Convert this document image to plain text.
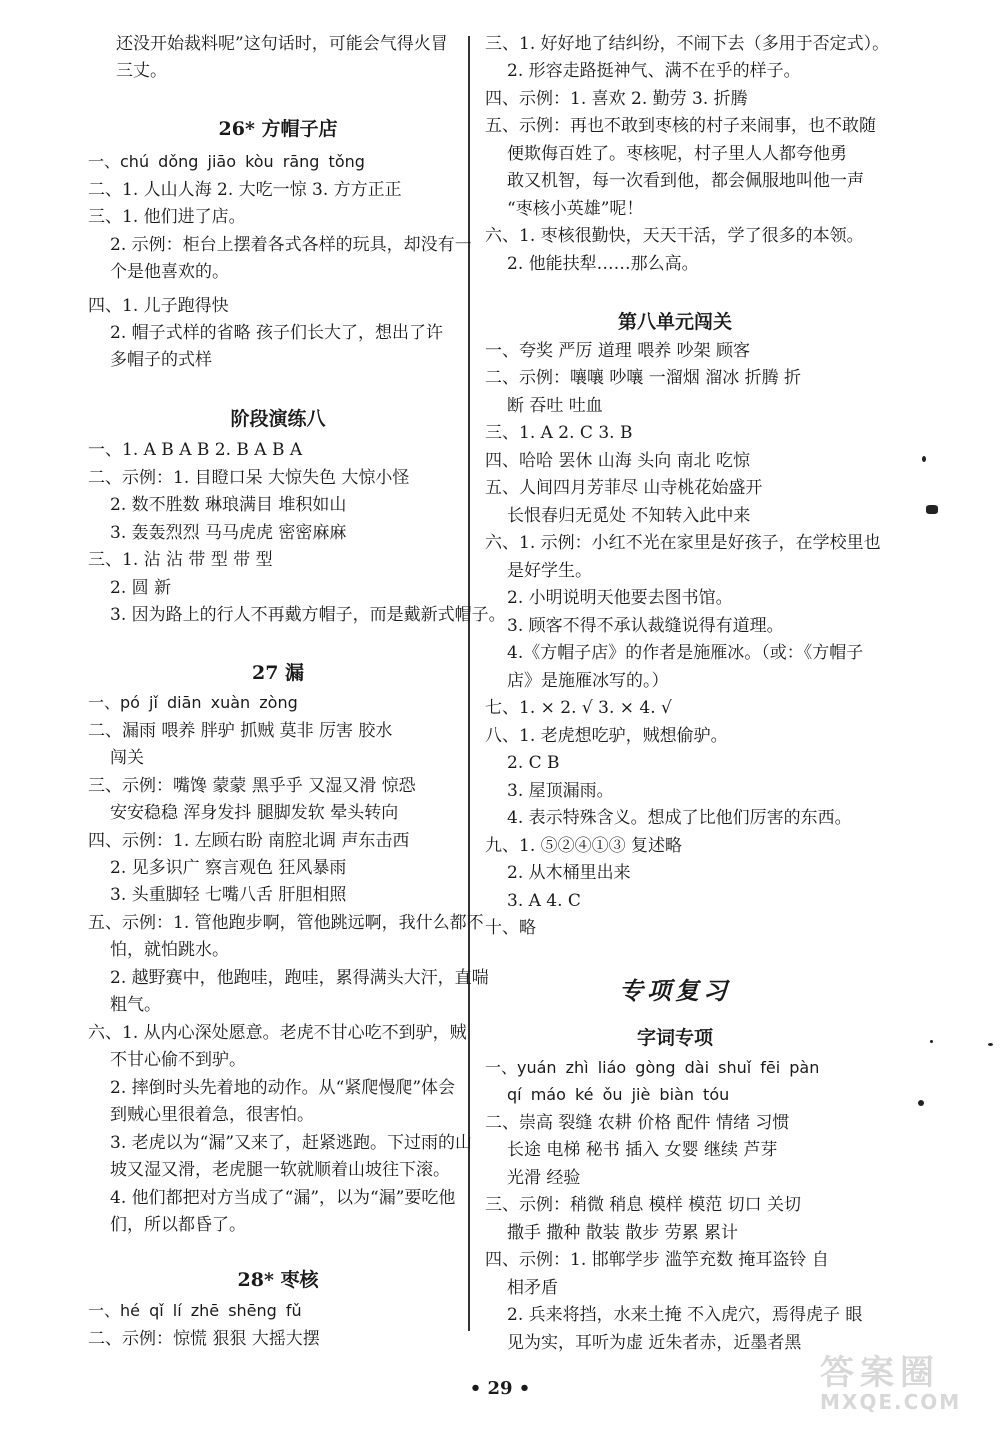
还没开始裁料呢”这句话时，可能会气得火冒
三丈。
26* 方帽子店
一、chú dǒng jiāo kòu rāng tǒng
二、1. 人山人海 2. 大吃一惊 3. 方方正正
三、1. 他们进了店。
2. 示例：柜台上摆着各式各样的玩具，却没有一
个是他喜欢的。
四、1. 儿子跑得快
2. 帽子式样的省略 孩子们长大了，想出了许
多帽子的式样
阶段演练八
一、1. A B A B 2. B A B A
二、示例：1. 目瞪口呆 大惊失色 大惊小怪
2. 数不胜数 琳琅满目 堆积如山
3. 轰轰烈烈 马马虎虎 密密麻麻
三、1. 沾 沾 带 型 带 型
2. 圆 新
3. 因为路上的行人不再戴方帽子，而是戴新式帽子。
27 漏
一、pó jǐ diān xuàn zòng
二、漏雨 喂养 胖驴 抓贼 莫非 厉害 胶水
闯关
三、示例：嘴馋 蒙蒙 黑乎乎 又湿又滑 惊恐
安安稳稳 浑身发抖 腿脚发软 晕头转向
四、示例：1. 左顾右盼 南腔北调 声东击西
2. 见多识广 察言观色 狂风暴雨
3. 头重脚轻 七嘴八舌 肝胆相照
五、示例：1. 管他跑步啊，管他跳远啊，我什么都不
怕，就怕跳水。
2. 越野赛中，他跑哇，跑哇，累得满头大汗，直喘
粗气。
六、1. 从内心深处愿意。老虎不甘心吃不到驴，贼
不甘心偷不到驴。
2. 摔倒时头先着地的动作。从“紧爬慢爬”体会
到贼心里很着急，很害怕。
3. 老虎以为“漏”又来了，赶紧逃跑。下过雨的山
坡又湿又滑，老虎腿一软就顺着山坡往下滚。
4. 他们都把对方当成了“漏”，以为“漏”要吃他
们，所以都昏了。
28* 枣核
一、hé qǐ lí zhē shēng fǔ
二、示例：惊慌 狠狠 大摇大摆
三、1. 好好地了结纠纷，不闹下去（多用于否定式）。
2. 形容走路挺神气、满不在乎的样子。
四、示例：1. 喜欢 2. 勤劳 3. 折腾
五、示例：再也不敢到枣核的村子来闹事，也不敢随
便欺侮百姓了。枣核呢，村子里人人都夸他勇
敢又机智，每一次看到他，都会佩服地叫他一声
“枣核小英雄”呢！
六、1. 枣核很勤快，天天干活，学了很多的本领。
2. 他能扶犁……那么高。
第八单元闯关
一、夸奖 严厉 道理 喂养 吵架 顾客
二、示例：嚷嚷 吵嚷 一溜烟 溜冰 折腾 折
断 吞吐 吐血
三、1. A 2. C 3. B
四、哈哈 罢休 山海 头向 南北 吃惊
五、人间四月芳菲尽 山寺桃花始盛开
长恨春归无觅处 不知转入此中来
六、1. 示例：小红不光在家里是好孩子，在学校里也
是好学生。
2. 小明说明天他要去图书馆。
3. 顾客不得不承认裁缝说得有道理。
4.《方帽子店》的作者是施雁冰。（或：《方帽子
店》是施雁冰写的。）
七、1. × 2. √ 3. × 4. √
八、1. 老虎想吃驴，贼想偷驴。
2. C B
3. 屋顶漏雨。
4. 表示特殊含义。想成了比他们厉害的东西。
九、1. ⑤②④①③ 复述略
2. 从木桶里出来
3. A 4. C
十、略
专项复习
字词专项
一、yuán zhì liáo gòng dài shuǐ fēi pàn
qí máo ké ǒu jiè biàn tóu
二、崇高 裂缝 农耕 价格 配件 情绪 习惯
长途 电梯 秘书 插入 女婴 继续 芦芽
光滑 经验
三、示例：稍微 稍息 模样 模范 切口 关切
撒手 撒种 散装 散步 劳累 累计
四、示例：1. 邯郸学步 滥竽充数 掩耳盗铃 自
相矛盾
2. 兵来将挡，水来土掩 不入虎穴，焉得虎子 眼
见为实，耳听为虚 近朱者赤，近墨者黑
• 29 •	答案圈
MXQE.COM
